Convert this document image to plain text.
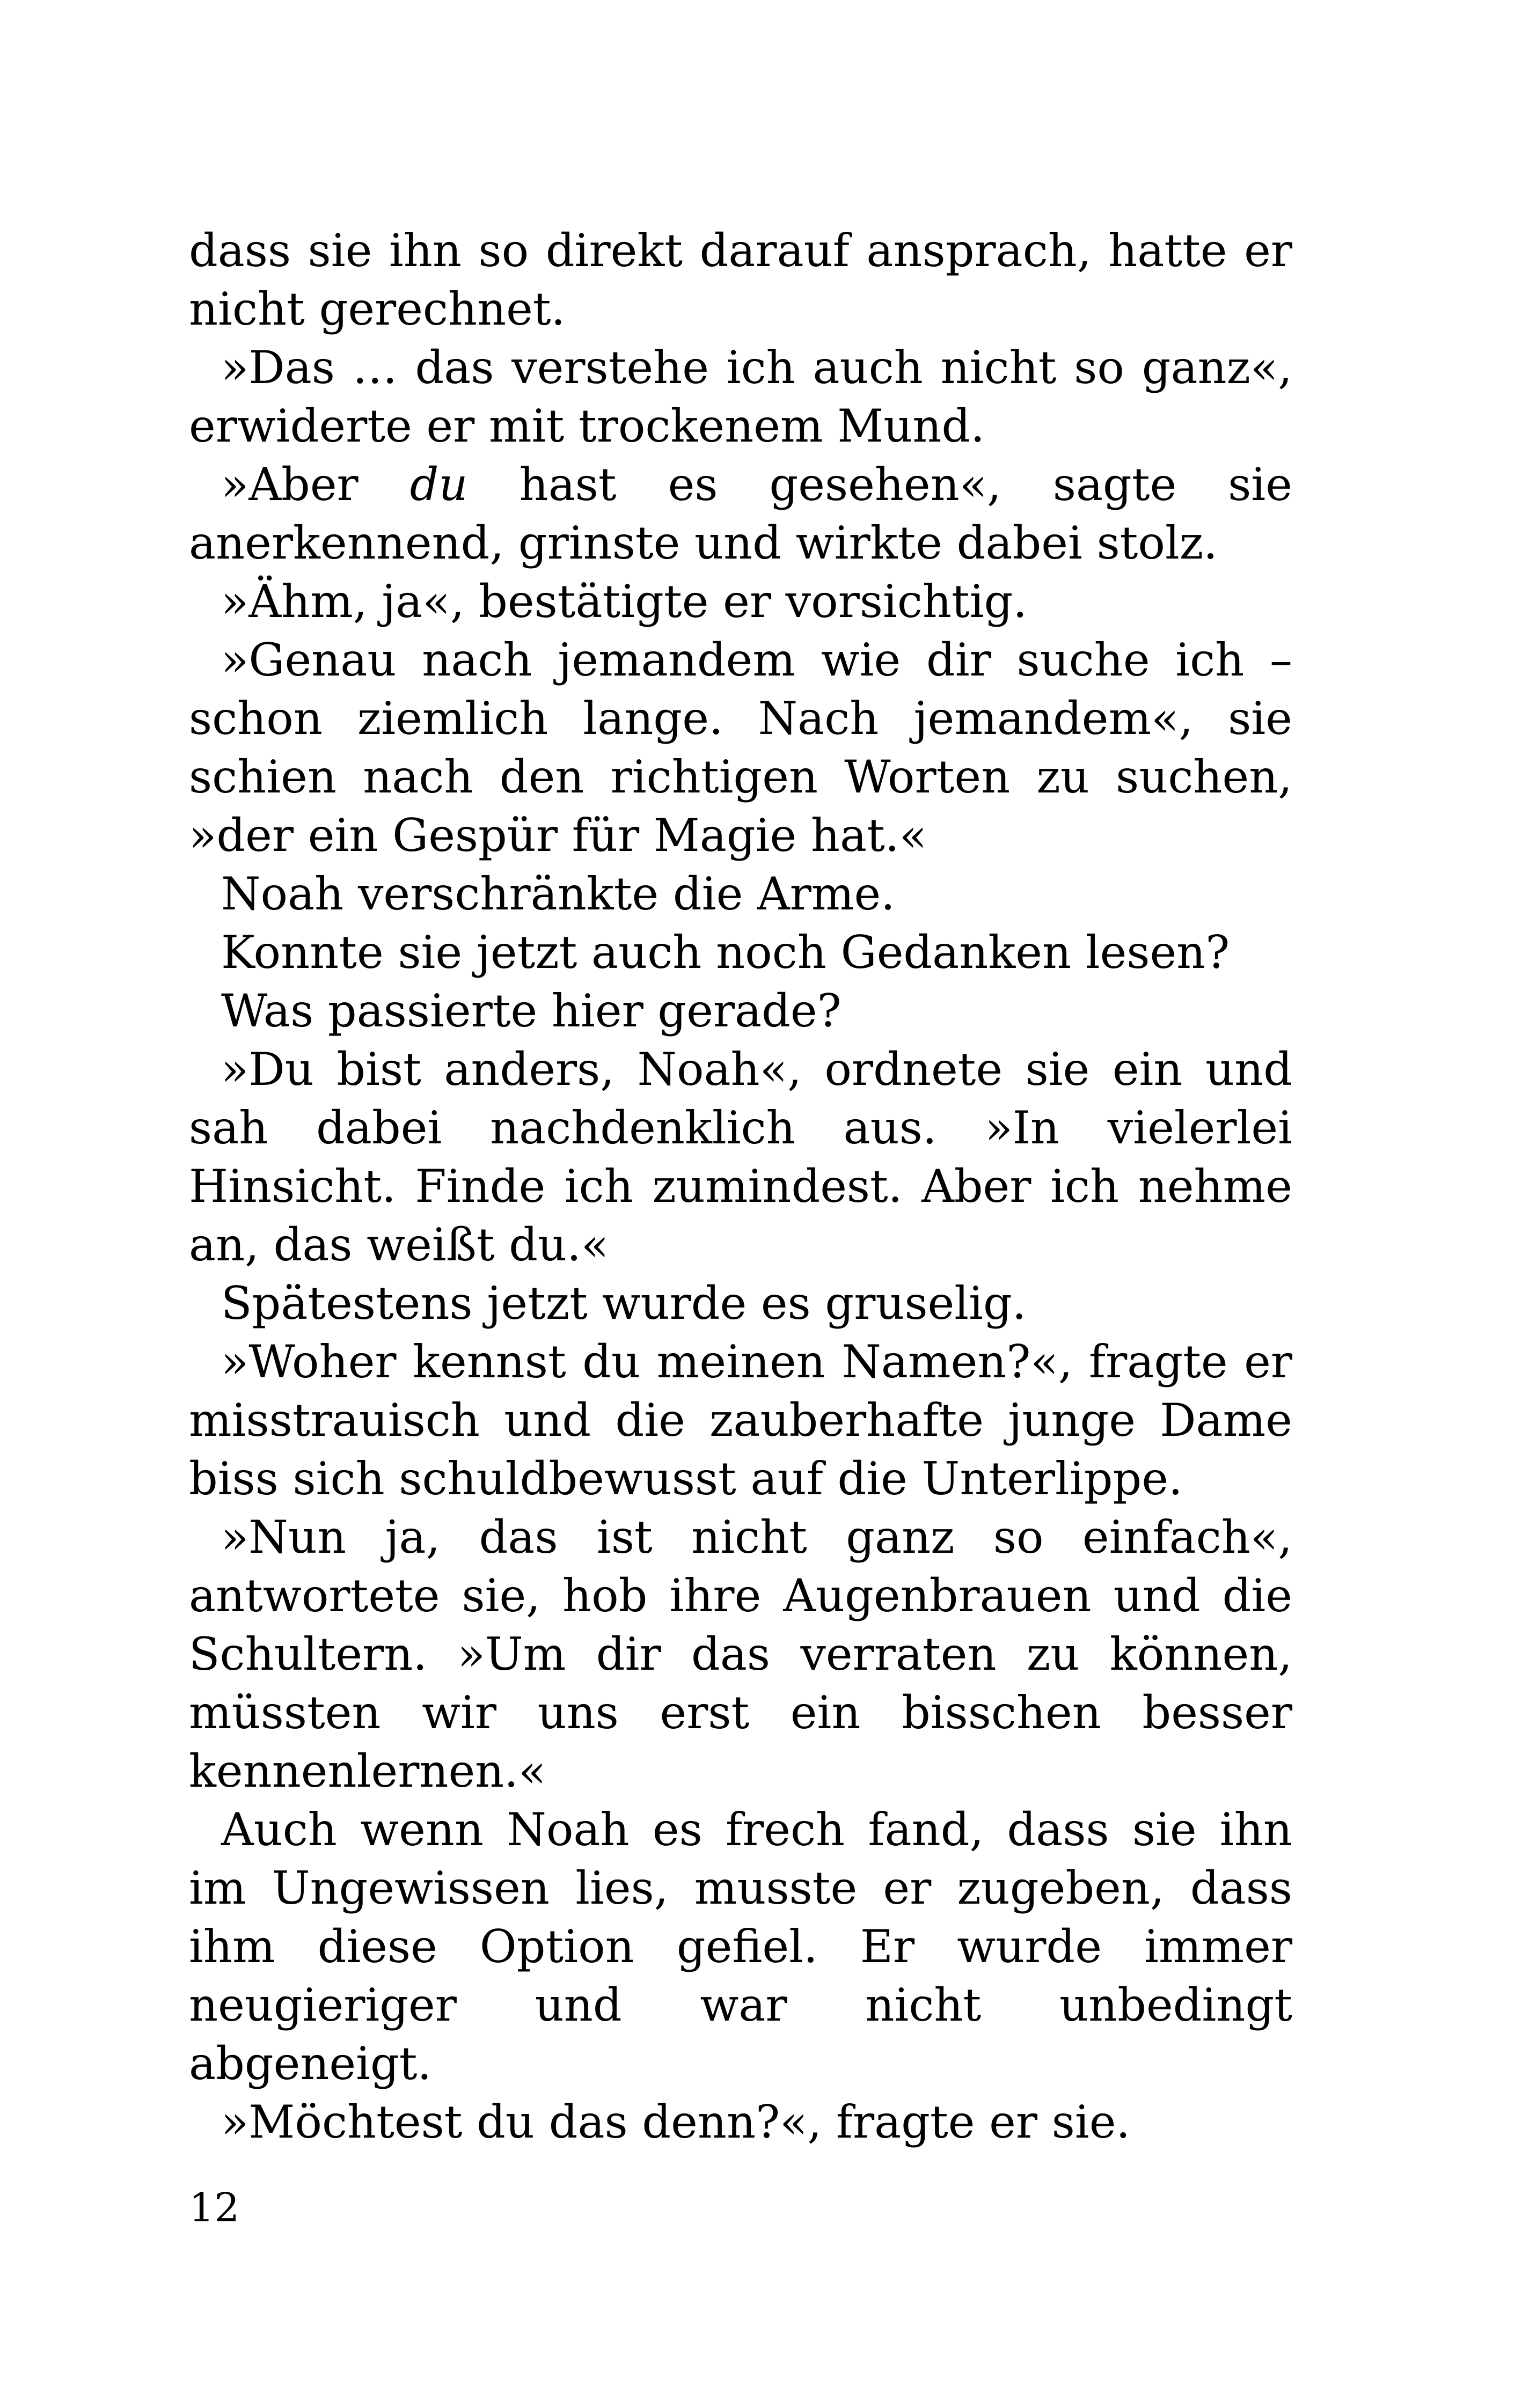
dass sie ihn so direkt darauf ansprach, hatte er nicht gerechnet.

»Das … das verstehe ich auch nicht so ganz«, erwiderte er mit trockenem Mund.

»Aber du hast es gesehen«, sagte sie anerkennend, grinste und wirkte dabei stolz.

»Ähm, ja«, bestätigte er vorsichtig.

»Genau nach jemandem wie dir suche ich – schon ziemlich lange. Nach jemandem«, sie schien nach den richtigen Worten zu suchen, »der ein Gespür für Magie hat.«

Noah verschränkte die Arme.

Konnte sie jetzt auch noch Gedanken lesen?

Was passierte hier gerade?

»Du bist anders, Noah«, ordnete sie ein und sah dabei nachdenklich aus. »In vielerlei Hinsicht. Finde ich zumindest. Aber ich nehme an, das weißt du.«

Spätestens jetzt wurde es gruselig.

»Woher kennst du meinen Namen?«, fragte er misstrauisch und die zauberhafte junge Dame biss sich schuldbewusst auf die Unterlippe.

»Nun ja, das ist nicht ganz so einfach«, antwortete sie, hob ihre Augenbrauen und die Schultern. »Um dir das verraten zu können, müssten wir uns erst ein bisschen besser kennenlernen.«

Auch wenn Noah es frech fand, dass sie ihn im Ungewissen lies, musste er zugeben, dass ihm diese Option gefiel. Er wurde immer neugieriger und war nicht unbedingt abgeneigt.

»Möchtest du das denn?«, fragte er sie.

12
